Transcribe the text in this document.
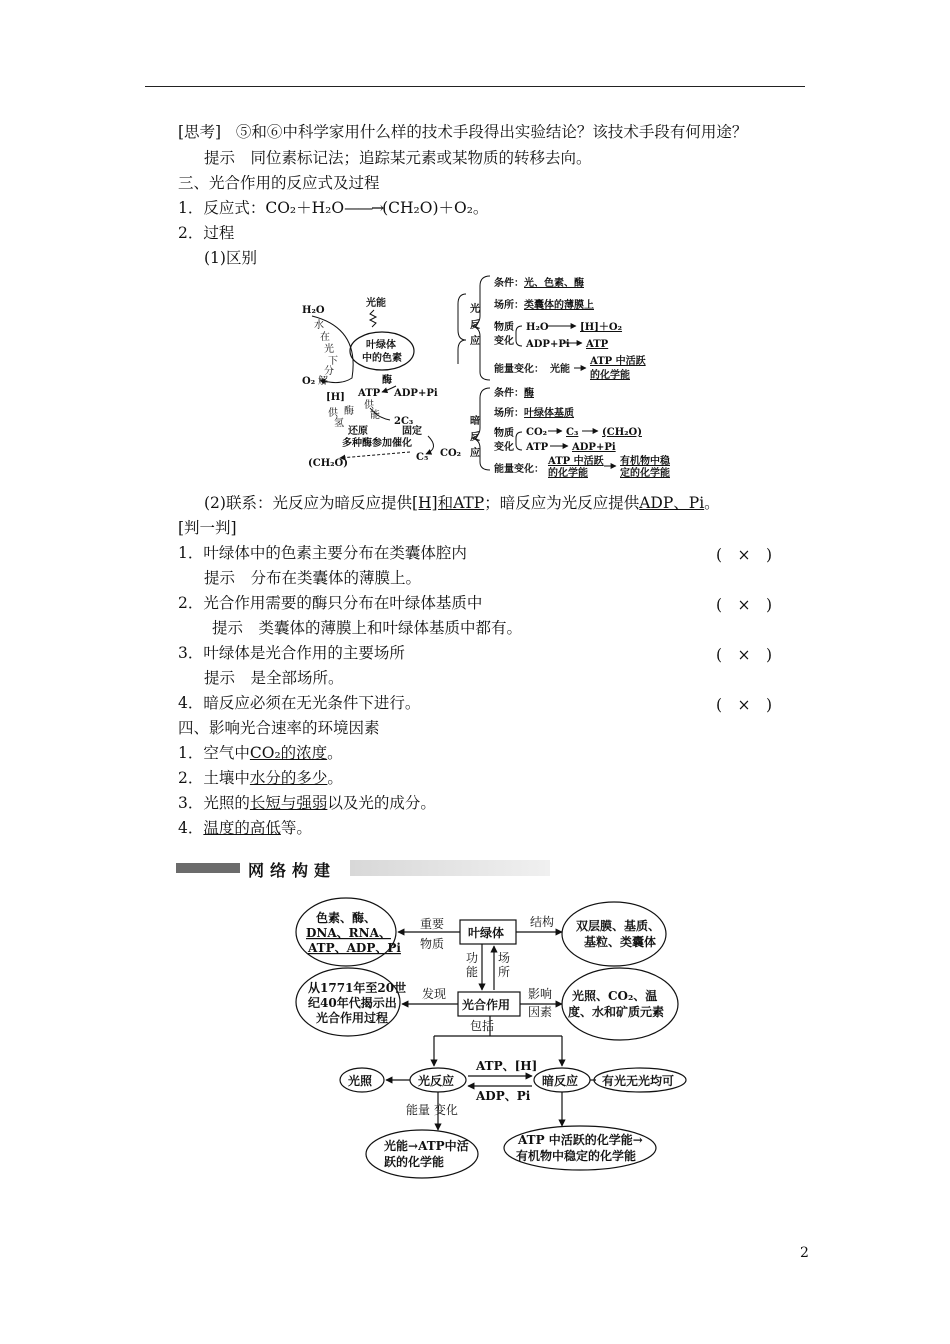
[思考] ⑤和⑥中科学家用什么样的技术手段得出实验结论？该技术手段有何用途？
提示　同位素标记法；追踪某元素或某物质的转移去向。
三、光合作用的反应式及过程
1．反应式：CO₂＋H₂O——→(CH₂O)＋O₂。
2．过程
(1)区别
H₂O
光能
水
在
光
下
分
解
O₂
叶绿体
中的色素
酶
[H] ATP ADP+Pi
供
能
供
氢
酶
2C₃
还原	固定
多种酶参加催化
C₅ CO₂
(CH₂O)
光
反
应
条件：光、色素、酶
场所：类囊体的薄膜上
物质
变化
H₂O	[H]＋O₂
ADP+Pi ATP
能量变化： 光能
ATP 中活跃
的化学能
暗
反
应
条件：酶
场所：叶绿体基质
物质
变化
CO₂ C₃ (CH₂O)
ATP ADP+Pi
能量变化：
ATP 中活跃
的化学能
有机物中稳
定的化学能
(2)联系：光反应为暗反应提供[H]和ATP；暗反应为光反应提供ADP、Pi。
[判一判]
1．叶绿体中的色素主要分布在类囊体腔内	(　×　)
提示　分布在类囊体的薄膜上。
2．光合作用需要的酶只分布在叶绿体基质中	(　×　)
提示　类囊体的薄膜上和叶绿体基质中都有。
3．叶绿体是光合作用的主要场所	(　×　)
提示　是全部场所。
4．暗反应必须在无光条件下进行。	(　×　)
四、影响光合速率的环境因素
1．空气中CO₂的浓度。
2．土壤中水分的多少。
3．光照的长短与强弱以及光的成分。
4．温度的高低等。
网络构建
色素、酶、
DNA、RNA、
ATP、ADP、Pi
重要
物质
叶绿体
结构 双层膜、基质、
基粒、类囊体
功
能
场
所
从1771年至20世
纪40年代揭示出
光合作用过程
发现
光合作用
影响
因素
光照、CO₂、温
度、水和矿质元素
包括
光照	光反应
ATP、[H]
ADP、Pi
暗反应 有光无光均可
能量 变化
光能→ATP中活
跃的化学能
ATP 中活跃的化学能→
有机物中稳定的化学能
2
